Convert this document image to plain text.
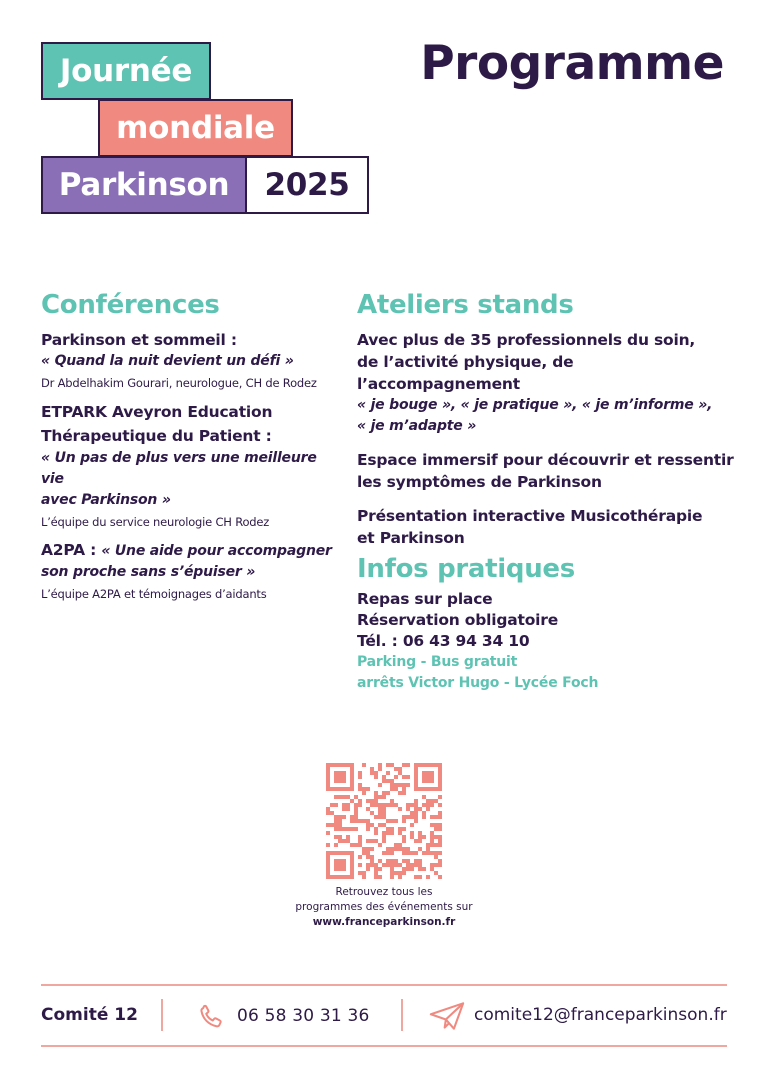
Journée
mondiale
Parkinson	2025
Programme
Conférences
Parkinson et sommeil :
« Quand la nuit devient un défi »
Dr Abdelhakim Gourari, neurologue, CH de Rodez
ETPARK Aveyron Education
Thérapeutique du Patient :
« Un pas de plus vers une meilleure vie
avec Parkinson »
L’équipe du service neurologie CH Rodez
A2PA : « Une aide pour accompagner
son proche sans s’épuiser »
L’équipe A2PA et témoignages d’aidants
Ateliers stands
Avec plus de 35 professionnels du soin,
de l’activité physique, de l’accompagnement
« je bouge », « je pratique », « je m’informe »,
« je m’adapte »
Espace immersif pour découvrir et ressentir
les symptômes de Parkinson
Présentation interactive Musicothérapie
et Parkinson
Infos pratiques
Repas sur place
Réservation obligatoire
Tél. : 06 43 94 34 10
Parking - Bus gratuit
arrêts Victor Hugo - Lycée Foch
Retrouvez tous les
programmes des événements sur
www.franceparkinson.fr
Comité 12	06 58 30 31 36	comite12@franceparkinson.fr
